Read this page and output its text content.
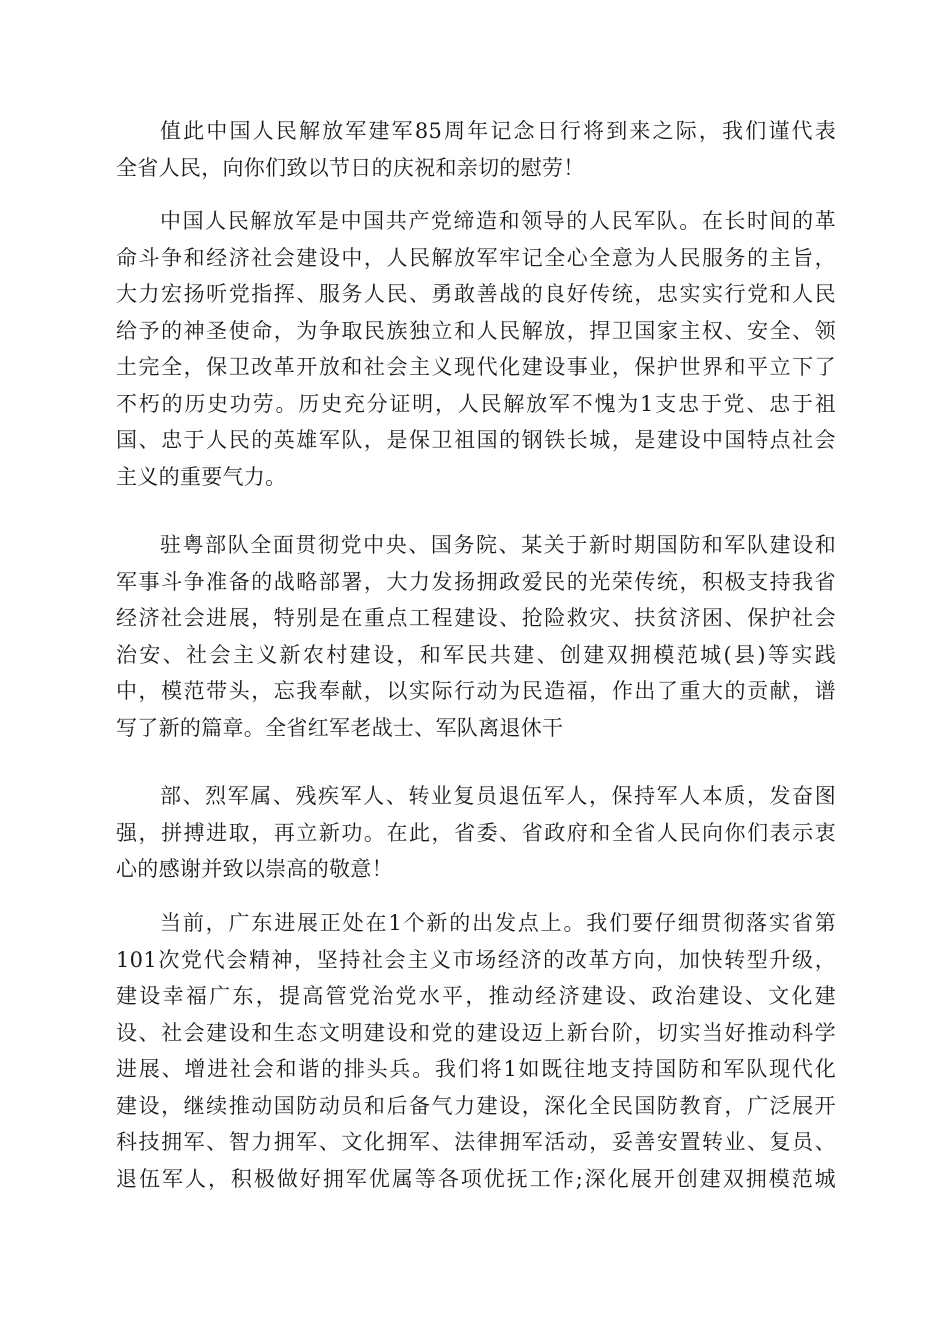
值此中国人民解放军建军85周年记念日行将到来之际，我们谨代表
全省人民，向你们致以节日的庆祝和亲切的慰劳！
中国人民解放军是中国共产党缔造和领导的人民军队。在长时间的革
命斗争和经济社会建设中，人民解放军牢记全心全意为人民服务的主旨，
大力宏扬听党指挥、服务人民、勇敢善战的良好传统，忠实实行党和人民
给予的神圣使命，为争取民族独立和人民解放，捍卫国家主权、安全、领
土完全，保卫改革开放和社会主义现代化建设事业，保护世界和平立下了
不朽的历史功劳。历史充分证明，人民解放军不愧为1支忠于党、忠于祖
国、忠于人民的英雄军队，是保卫祖国的钢铁长城，是建设中国特点社会
主义的重要气力。
驻粤部队全面贯彻党中央、国务院、某关于新时期国防和军队建设和
军事斗争准备的战略部署，大力发扬拥政爱民的光荣传统，积极支持我省
经济社会进展，特别是在重点工程建设、抢险救灾、扶贫济困、保护社会
治安、社会主义新农村建设，和军民共建、创建双拥模范城(县)等实践
中，模范带头，忘我奉献，以实际行动为民造福，作出了重大的贡献，谱
写了新的篇章。全省红军老战士、军队离退休干
部、烈军属、残疾军人、转业复员退伍军人，保持军人本质，发奋图
强，拼搏进取，再立新功。在此，省委、省政府和全省人民向你们表示衷
心的感谢并致以崇高的敬意！
当前，广东进展正处在1个新的出发点上。我们要仔细贯彻落实省第
101次党代会精神，坚持社会主义市场经济的改革方向，加快转型升级，
建设幸福广东，提高管党治党水平，推动经济建设、政治建设、文化建
设、社会建设和生态文明建设和党的建设迈上新台阶，切实当好推动科学
进展、增进社会和谐的排头兵。我们将1如既往地支持国防和军队现代化
建设，继续推动国防动员和后备气力建设，深化全民国防教育，广泛展开
科技拥军、智力拥军、文化拥军、法律拥军活动，妥善安置转业、复员、
退伍军人，积极做好拥军优属等各项优抚工作;深化展开创建双拥模范城
